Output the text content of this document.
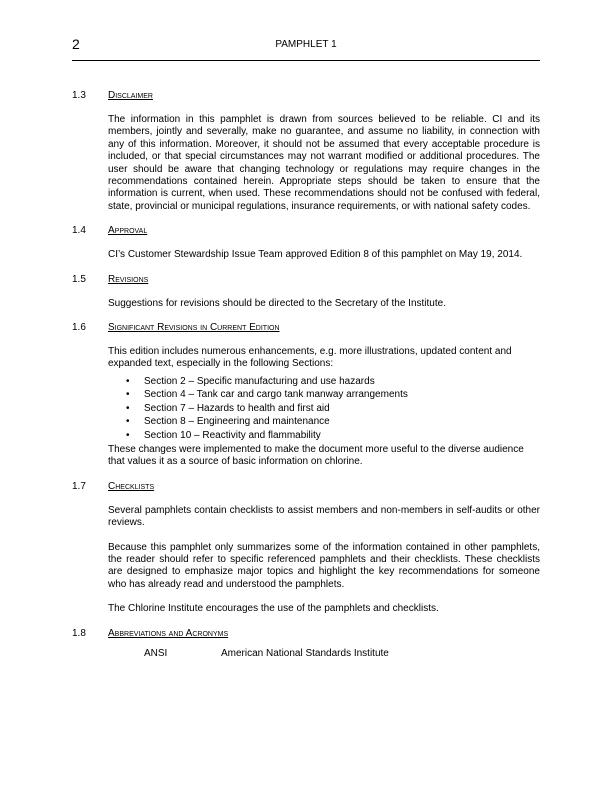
2	PAMPHLET 1
1.3 Disclaimer
The information in this pamphlet is drawn from sources believed to be reliable. CI and its members, jointly and severally, make no guarantee, and assume no liability, in connection with any of this information. Moreover, it should not be assumed that every acceptable procedure is included, or that special circumstances may not warrant modified or additional procedures. The user should be aware that changing technology or regulations may require changes in the recommendations contained herein. Appropriate steps should be taken to ensure that the information is current, when used. These recommendations should not be confused with federal, state, provincial or municipal regulations, insurance requirements, or with national safety codes.
1.4 Approval
CI’s Customer Stewardship Issue Team approved Edition 8 of this pamphlet on May 19, 2014.
1.5 Revisions
Suggestions for revisions should be directed to the Secretary of the Institute.
1.6 Significant Revisions in Current Edition
This edition includes numerous enhancements, e.g. more illustrations, updated content and expanded text, especially in the following Sections:
• Section 2 – Specific manufacturing and use hazards
• Section 4 – Tank car and cargo tank manway arrangements
• Section 7 – Hazards to health and first aid
• Section 8 – Engineering and maintenance
• Section 10 – Reactivity and flammability
These changes were implemented to make the document more useful to the diverse audience that values it as a source of basic information on chlorine.
1.7 Checklists
Several pamphlets contain checklists to assist members and non-members in self-audits or other reviews.
Because this pamphlet only summarizes some of the information contained in other pamphlets, the reader should refer to specific referenced pamphlets and their checklists. These checklists are designed to emphasize major topics and highlight the key recommendations for someone who has already read and understood the pamphlets.
The Chlorine Institute encourages the use of the pamphlets and checklists.
1.8 Abbreviations and Acronyms
ANSI	American National Standards Institute
